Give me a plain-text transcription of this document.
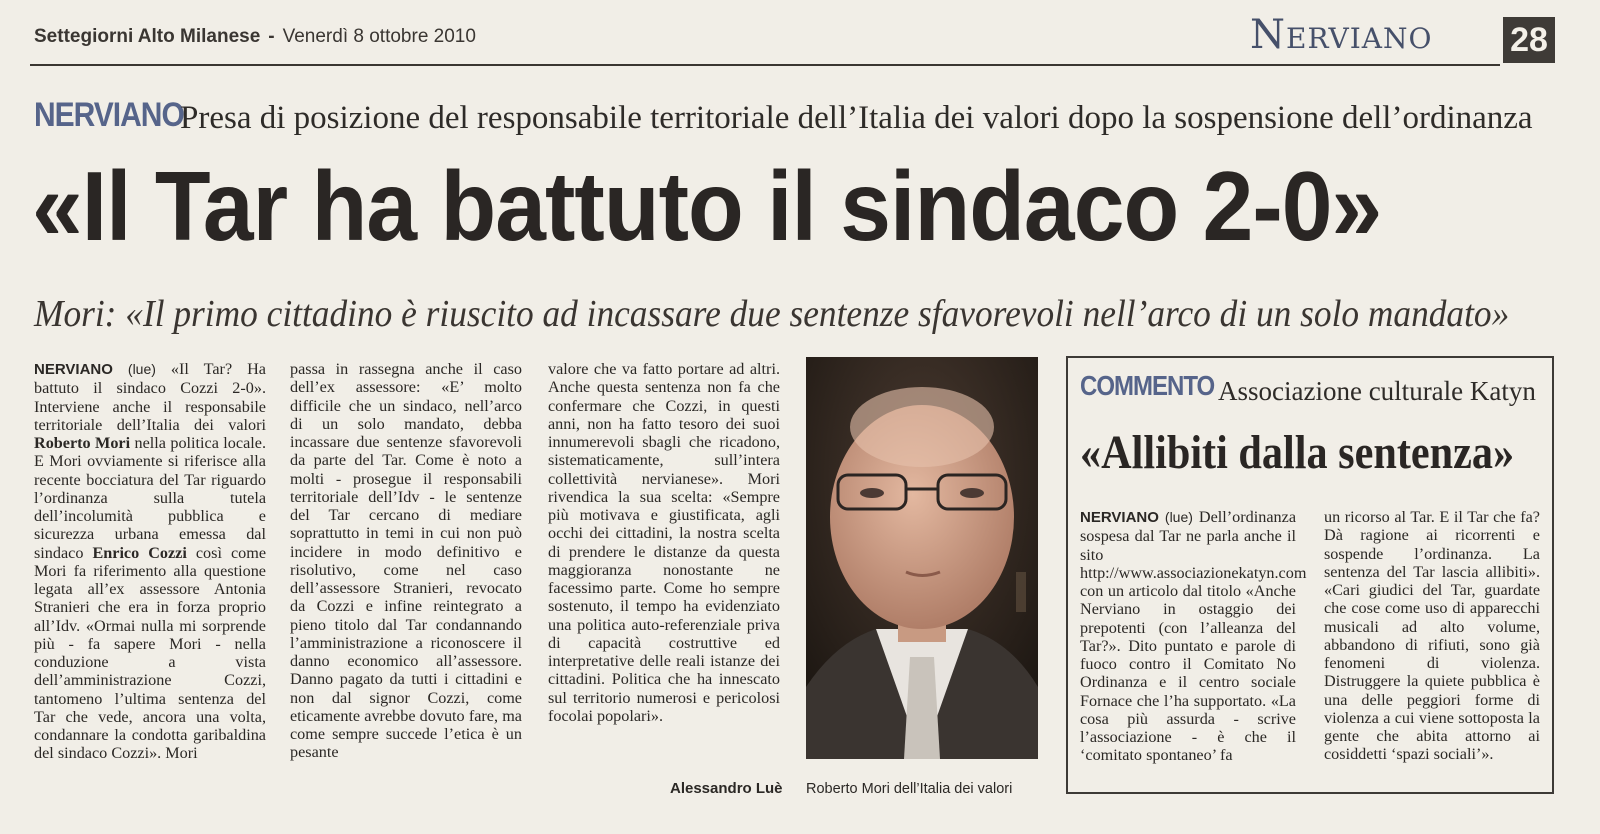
Settegiorni Alto Milanese - Venerdì 8 ottobre 2010	Nerviano 28
NERVIANO
Presa di posizione del responsabile territoriale dell’Italia dei valori dopo la sospensione dell’ordinanza
«Il Tar ha battuto il sindaco 2-0»
Mori: «Il primo cittadino è riuscito ad incassare due sentenze sfavorevoli nell’arco di un solo mandato»

NERVIANO (lue) «Il Tar? Ha battuto il sindaco Cozzi 2-0». Interviene anche il responsabile territoriale dell’Italia dei valori Roberto Mori nella politica locale. E Mori ovviamente si riferisce alla recente bocciatura del Tar riguardo l’ordinanza sulla tutela dell’incolumità pubblica e sicurezza urbana emessa dal sindaco Enrico Cozzi così come Mori fa riferimento alla questione legata all’ex assessore Antonia Stranieri che era in forza proprio all’Idv. «Ormai nulla mi sorprende più - fa sapere Mori - nella conduzione a vista dell’amministrazione Cozzi, tantomeno l’ultima sentenza del Tar che vede, ancora una volta, condannare la condotta garibaldina del sindaco Cozzi». Mori

passa in rassegna anche il caso dell’ex assessore: «E’ molto difficile che un sindaco, nell’arco di un solo mandato, debba incassare due sentenze sfavorevoli da parte del Tar. Come è noto a molti - prosegue il responsabili territoriale dell’Idv - le sentenze del Tar cercano di mediare soprattutto in temi in cui non può incidere in modo definitivo e risolutivo, come nel caso dell’assessore Stranieri, revocato da Cozzi e infine reintegrato a pieno titolo dal Tar condannando l’amministrazione a riconoscere il danno economico all’assessore. Danno pagato da tutti i cittadini e non dal signor Cozzi, come eticamente avrebbe dovuto fare, ma come sempre succede l’etica è un pesante

valore che va fatto portare ad altri. Anche questa sentenza non fa che confermare che Cozzi, in questi anni, non ha fatto tesoro dei suoi innumerevoli sbagli che ricadono, sistematicamente, sull’intera collettività nervianese». Mori rivendica la sua scelta: «Sempre più motivava e giustificata, agli occhi dei cittadini, la nostra scelta di prendere le distanze da questa maggioranza nonostante ne facessimo parte. Come ho sempre sostenuto, il tempo ha evidenziato una politica auto-referenziale priva di capacità costruttive ed interpretative delle reali istanze dei cittadini. Politica che ha innescato sul territorio numerosi e pericolosi focolai popolari».

Alessandro Luè Roberto Mori dell’Italia dei valori
COMMENTO Associazione culturale Katyn
«Allibiti dalla sentenza»

NERVIANO (lue) Dell’ordinanza sospesa dal Tar ne parla anche il sito http://www.associazionekatyn.com con un articolo dal titolo «Anche Nerviano in ostaggio dei prepotenti (con l’alleanza del Tar?». Dito puntato e parole di fuoco contro il Comitato No Ordinanza e il centro sociale Fornace che l’ha supportato. «La cosa più assurda - scrive l’associazione - è che il ‘comitato spontaneo’ fa

un ricorso al Tar. E il Tar che fa? Dà ragione ai ricorrenti e sospende l’ordinanza. La sentenza del Tar lascia allibiti». «Cari giudici del Tar, guardate che cose come uso di apparecchi musicali ad alto volume, abbandono di rifiuti, sono già fenomeni di violenza. Distruggere la quiete pubblica è una delle peggiori forme di violenza a cui viene sottoposta la gente che abita attorno ai cosiddetti ‘spazi sociali’».
